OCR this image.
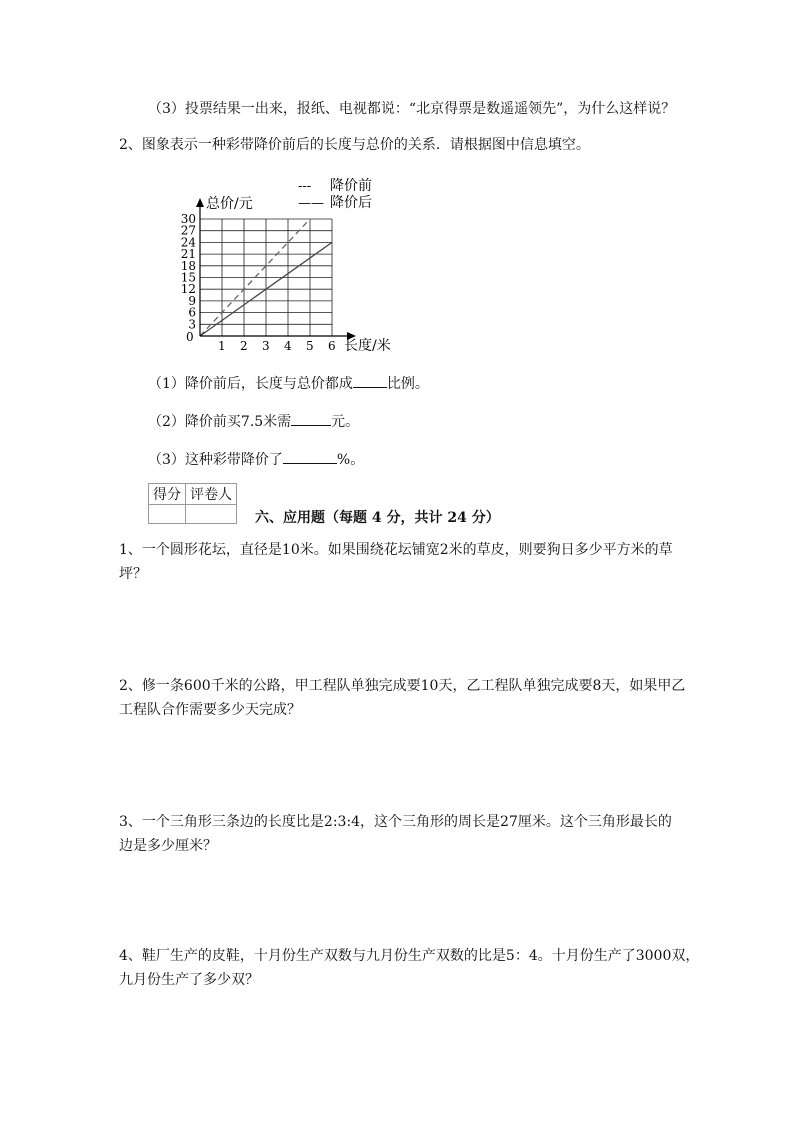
（3）投票结果一出来，报纸、电视都说：“北京得票是数遥遥领先”，为什么这样说？
2、图象表示一种彩带降价前后的长度与总价的关系．请根据图中信息填空。
1 2 3 4 5 6
3
6
9
12
15
18
21
24
27
30
总价/元
长度/米
0
--- 降价前
—— 降价后
（1）降价前后，长度与总价都成 比例。
（2）降价前买7.5米需	元。
（3）这种彩带降价了	%。
得分	评卷人

六、应用题（每题 4 分，共计 24 分）
1、一个圆形花坛，直径是10米。如果围绕花坛铺宽2米的草皮，则要狗日多少平方米的草
坪？
2、修一条600千米的公路，甲工程队单独完成要10天，乙工程队单独完成要8天，如果甲乙
工程队合作需要多少天完成？
3、一个三角形三条边的长度比是2:3:4，这个三角形的周长是27厘米。这个三角形最长的
边是多少厘米？
4、鞋厂生产的皮鞋，十月份生产双数与九月份生产双数的比是5：4。十月份生产了3000双，
九月份生产了多少双？
